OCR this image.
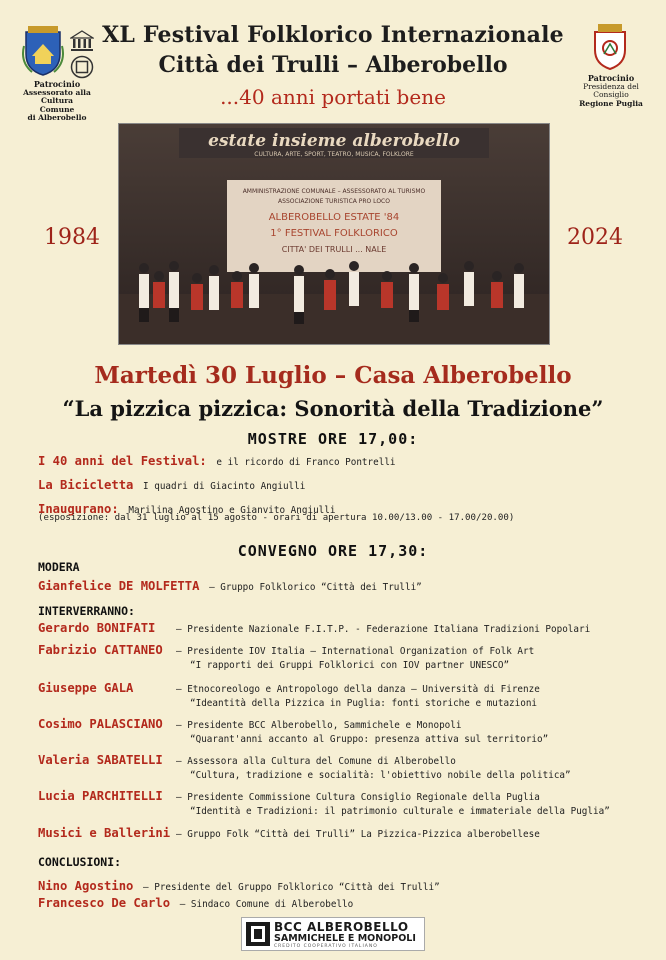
Patrocinio
Assessorato alla Cultura
Comune
di Alberobello
Patrocinio
Presidenza del Consiglio
Regione Puglia
XL Festival Folklorico Internazionale
Città dei Trulli – Alberobello
...40 anni portati bene
1984	2024
estate insieme alberobello
CULTURA, ARTE, SPORT, TEATRO, MUSICA, FOLKLORE
AMMINISTRAZIONE COMUNALE – ASSESSORATO AL TURISMO
ASSOCIAZIONE TURISTICA PRO LOCO
ALBEROBELLO ESTATE '84
1° FESTIVAL FOLKLORICO
CITTA' DEI TRULLI ... NALE
Martedì 30 Luglio – Casa Alberobello
“La pizzica pizzica: Sonorità della Tradizione”
MOSTRE ORE 17,00:
I 40 anni del Festival: e il ricordo di Franco Pontrelli
La Bicicletta I quadri di Giacinto Angiulli
Inaugurano: Marilina Agostino e Gianvito Angiulli
(esposizione: dal 31 luglio al 15 agosto - orari di apertura 10.00/13.00 - 17.00/20.00)
CONVEGNO ORE 17,30:
MODERA
Gianfelice DE MOLFETTA – Gruppo Folklorico “Città dei Trulli”
INTERVERRANNO:
Gerardo BONIFATI – Presidente Nazionale F.I.T.P. - Federazione Italiana Tradizioni Popolari
Fabrizio CATTANEO – Presidente IOV Italia – International Organization of Folk Art
“I rapporti dei Gruppi Folklorici con IOV partner UNESCO”
Giuseppe GALA	– Etnocoreologo e Antropologo della danza – Università di Firenze
“Ideantità della Pizzica in Puglia: fonti storiche e mutazioni
Cosimo PALASCIANO – Presidente BCC Alberobello, Sammichele e Monopoli
“Quarant'anni accanto al Gruppo: presenza attiva sul territorio”
Valeria SABATELLI – Assessora alla Cultura del Comune di Alberobello
“Cultura, tradizione e socialità: l'obiettivo nobile della politica”
Lucia PARCHITELLI – Presidente Commissione Cultura Consiglio Regionale della Puglia
“Identità e Tradizioni: il patrimonio culturale e immateriale della Puglia”
Musici e Ballerini – Gruppo Folk “Città dei Trulli” La Pizzica-Pizzica alberobellese
CONCLUSIONI:
Nino Agostino – Presidente del Gruppo Folklorico “Città dei Trulli”
Francesco De Carlo – Sindaco Comune di Alberobello
BCC ALBEROBELLO
SAMMICHELE E MONOPOLI
CREDITO COOPERATIVO ITALIANO
